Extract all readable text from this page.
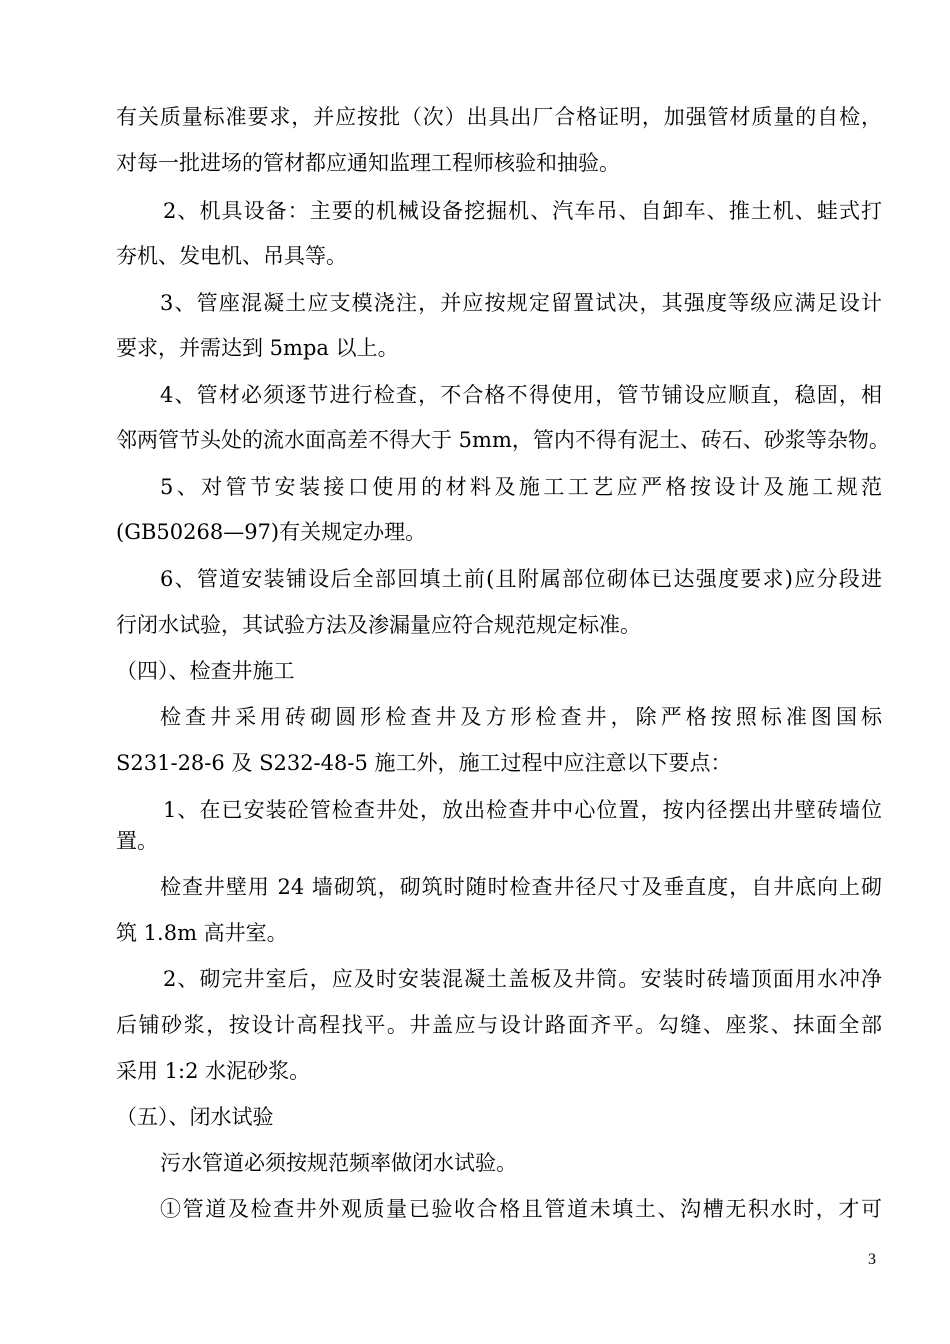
有关质量标准要求，并应按批（次）出具出厂合格证明，加强管材质量的自检，
对每一批进场的管材都应通知监理工程师核验和抽验。
2、机具设备：主要的机械设备挖掘机、汽车吊、自卸车、推土机、蛙式打
夯机、发电机、吊具等。
3、管座混凝土应支模浇注，并应按规定留置试决，其强度等级应满足设计
要求，并需达到 5mpa 以上。
4、管材必须逐节进行检查，不合格不得使用，管节铺设应顺直，稳固，相
邻两管节头处的流水面高差不得大于 5mm，管内不得有泥土、砖石、砂浆等杂物。
5、对管节安装接口使用的材料及施工工艺应严格按设计及施工规范
(GB50268—97)有关规定办理。
6、管道安装铺设后全部回填土前(且附属部位砌体已达强度要求)应分段进
行闭水试验，其试验方法及渗漏量应符合规范规定标准。
（四）、检查井施工
检查井采用砖砌圆形检查井及方形检查井，除严格按照标准图国标
S231-28-6 及 S232-48-5 施工外，施工过程中应注意以下要点：
1、在已安装砼管检查井处，放出检查井中心位置，按内径摆出井壁砖墙位
置。
检查井壁用 24 墙砌筑，砌筑时随时检查井径尺寸及垂直度，自井底向上砌
筑 1.8m 高井室。
2、砌完井室后，应及时安装混凝土盖板及井筒。安装时砖墙顶面用水冲净
后铺砂浆，按设计高程找平。井盖应与设计路面齐平。勾缝、座浆、抹面全部
采用 1:2 水泥砂浆。
（五）、闭水试验
污水管道必须按规范频率做闭水试验。
①管道及检查井外观质量已验收合格且管道未填土、沟槽无积水时，才可
3
